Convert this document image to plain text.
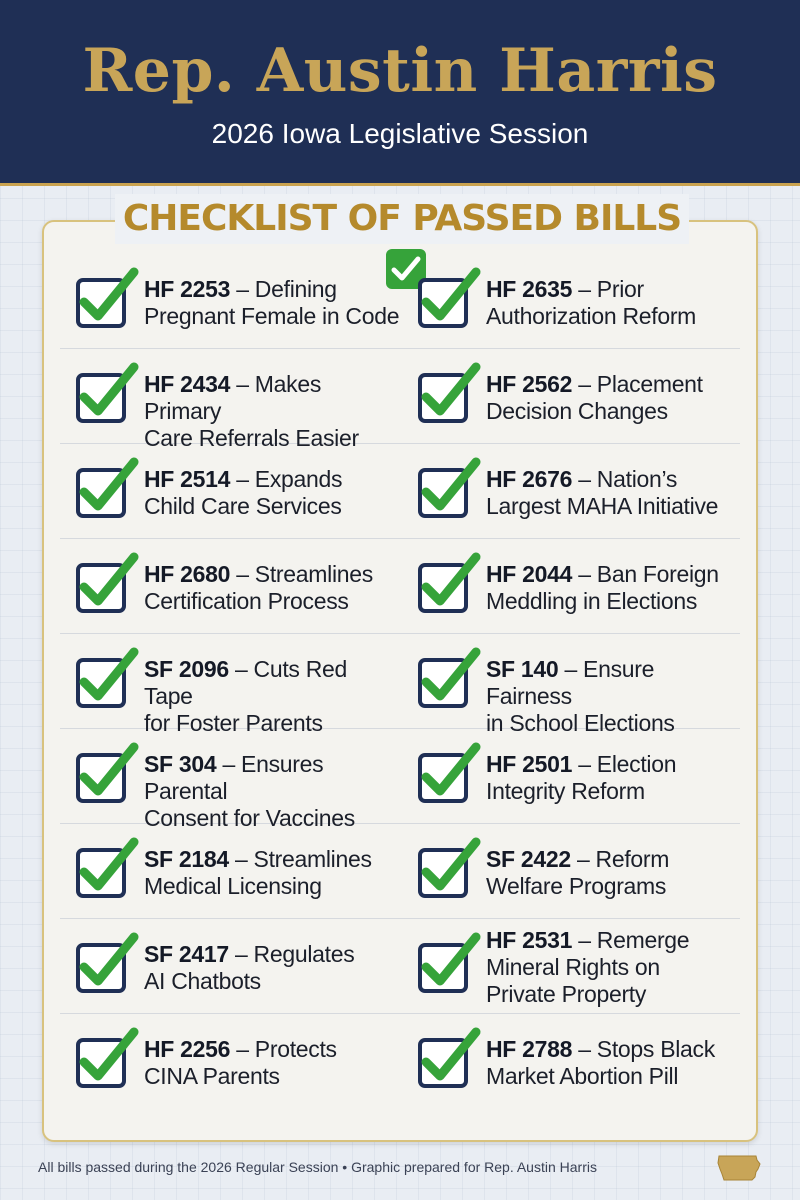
Rep. Austin Harris
2026 Iowa Legislative Session
CHECKLIST OF PASSED BILLS
HF 2253 – Defining
Pregnant Female in Code
HF 2635 – Prior
Authorization Reform
HF 2434 – Makes Primary
Care Referrals Easier
HF 2562 – Placement
Decision Changes
HF 2514 – Expands
Child Care Services
HF 2676 – Nation’s
Largest MAHA Initiative
HF 2680 – Streamlines
Certification Process
HF 2044 – Ban Foreign
Meddling in Elections
SF 2096 – Cuts Red Tape
for Foster Parents
SF 140 – Ensure Fairness
in School Elections
SF 304 – Ensures Parental
Consent for Vaccines
HF 2501 – Election
Integrity Reform
SF 2184 – Streamlines
Medical Licensing
SF 2422 – Reform
Welfare Programs
SF 2417 – Regulates
AI Chatbots
HF 2531 – Remerge
Mineral Rights on
Private Property
HF 2256 – Protects
CINA Parents
HF 2788 – Stops Black
Market Abortion Pill
All bills passed during the 2026 Regular Session • Graphic prepared for Rep. Austin Harris
